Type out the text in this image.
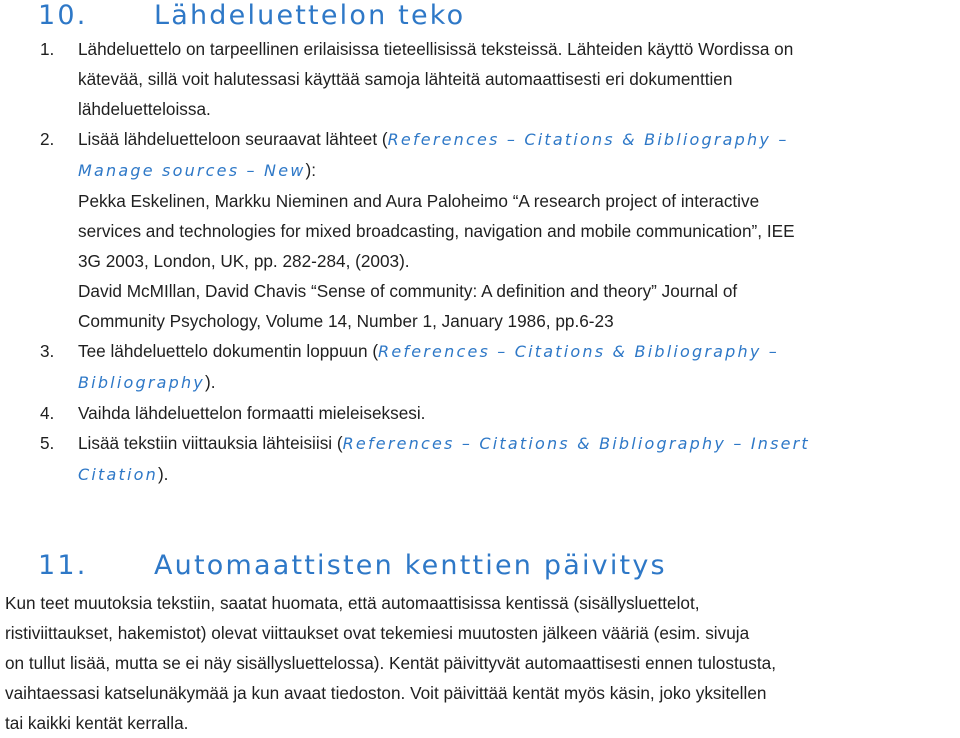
10. Lähdeluettelon teko
1. Lähdeluettelo on tarpeellinen erilaisissa tieteellisissä teksteissä. Lähteiden käyttö Wordissa on
kätevää, sillä voit halutessasi käyttää samoja lähteitä automaattisesti eri dokumenttien
lähdeluetteloissa.
2. Lisää lähdeluetteloon seuraavat lähteet (References – Citations & Bibliography –
Manage sources – New):
Pekka Eskelinen, Markku Nieminen and Aura Paloheimo “A research project of interactive
services and technologies for mixed broadcasting, navigation and mobile communication”, IEE
3G 2003, London, UK, pp. 282-284, (2003).
David McMIllan, David Chavis “Sense of community: A definition and theory” Journal of
Community Psychology, Volume 14, Number 1, January 1986, pp.6-23
3. Tee lähdeluettelo dokumentin loppuun (References – Citations & Bibliography –
Bibliography).
4. Vaihda lähdeluettelon formaatti mieleiseksesi.
5. Lisää tekstiin viittauksia lähteisiisi (References – Citations & Bibliography – Insert
Citation).
11. Automaattisten kenttien päivitys

Kun teet muutoksia tekstiin, saatat huomata, että automaattisissa kentissä (sisällysluettelot,
ristiviittaukset, hakemistot) olevat viittaukset ovat tekemiesi muutosten jälkeen vääriä (esim. sivuja
on tullut lisää, mutta se ei näy sisällysluettelossa). Kentät päivittyvät automaattisesti ennen tulostusta,
vaihtaessasi katselunäkymää ja kun avaat tiedoston. Voit päivittää kentät myös käsin, joko yksitellen
tai kaikki kentät kerralla.
